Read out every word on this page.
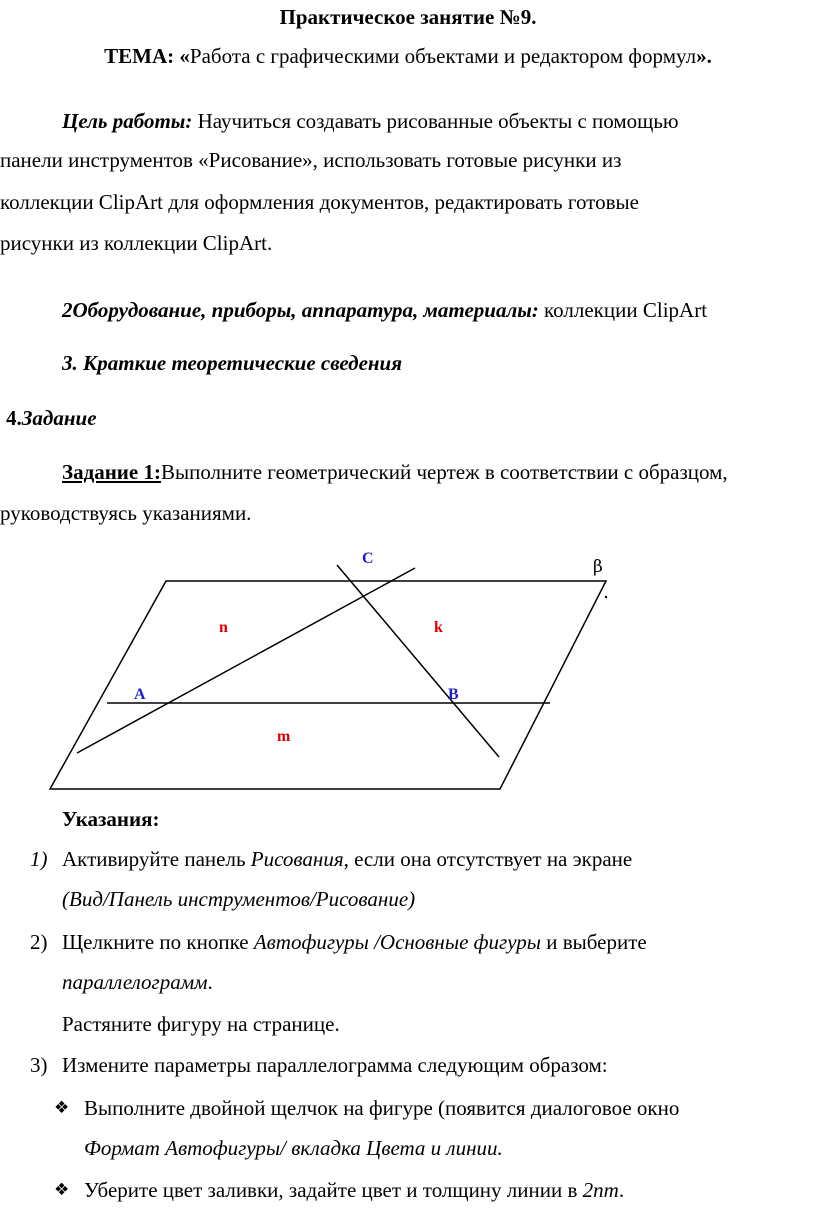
Практическое занятие №9.
ТЕМА: «Работа с графическими объектами и редактором формул».
Цель работы: Научиться создавать рисованные объекты с помощью
панели инструментов «Рисование», использовать готовые рисунки из
коллекции ClipArt для оформления документов, редактировать готовые
рисунки из коллекции ClipArt.
2Оборудование, приборы, аппаратура, материалы: коллекции ClipArt
3. Краткие теоретические сведения
4.Задание
Задание 1:Выполните геометрический чертеж в соответствии с образцом,
руководствуясь указаниями.
C
A	B
n	k
m
β
Указания:
1) Активируйте панель Рисования, если она отсутствует на экране
(Вид/Панель инструментов/Рисование)
2) Щелкните по кнопке Автофигуры /Основные фигуры и выберите
параллелограмм.
Растяните фигуру на странице.
3) Измените параметры параллелограмма следующим образом:
❖ Выполните двойной щелчок на фигуре (появится диалоговое окно
Формат Автофигуры/ вкладка Цвета и линии.
❖ Уберите цвет заливки, задайте цвет и толщину линии в 2пт.
